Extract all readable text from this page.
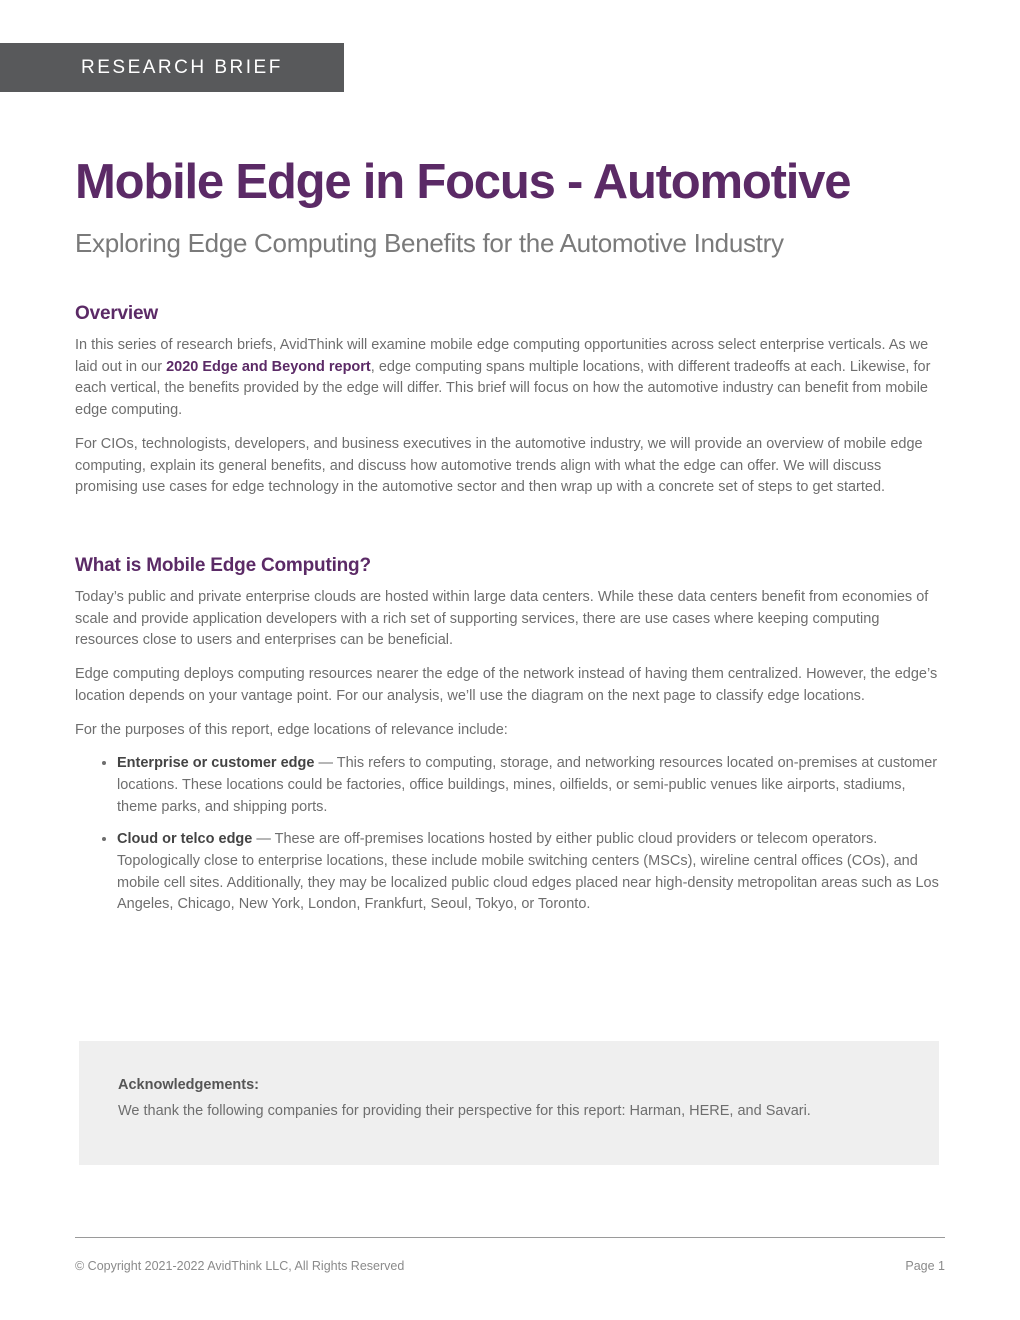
RESEARCH BRIEF
Mobile Edge in Focus - Automotive
Exploring Edge Computing Benefits for the Automotive Industry
Overview

In this series of research briefs, AvidThink will examine mobile edge computing opportunities across select enterprise verticals. As we laid out in our 2020 Edge and Beyond report, edge computing spans multiple locations, with different tradeoffs at each. Likewise, for each vertical, the benefits provided by the edge will differ. This brief will focus on how the automotive industry can benefit from mobile edge computing.

For CIOs, technologists, developers, and business executives in the automotive industry, we will provide an overview of mobile edge computing, explain its general benefits, and discuss how automotive trends align with what the edge can offer. We will discuss promising use cases for edge technology in the automotive sector and then wrap up with a concrete set of steps to get started.

What is Mobile Edge Computing?

Today’s public and private enterprise clouds are hosted within large data centers. While these data centers benefit from economies of scale and provide application developers with a rich set of supporting services, there are use cases where keeping computing resources close to users and enterprises can be beneficial.

Edge computing deploys computing resources nearer the edge of the network instead of having them centralized. However, the edge’s location depends on your vantage point. For our analysis, we’ll use the diagram on the next page to classify edge locations.

For the purposes of this report, edge locations of relevance include:

• Enterprise or customer edge — This refers to computing, storage, and networking resources located on-premises at customer locations. These locations could be factories, office buildings, mines, oilfields, or semi-public venues like airports, stadiums, theme parks, and shipping ports.
• Cloud or telco edge — These are off-premises locations hosted by either public cloud providers or telecom operators. Topologically close to enterprise locations, these include mobile switching centers (MSCs), wireline central offices (COs), and mobile cell sites. Additionally, they may be localized public cloud edges placed near high-density metropolitan areas such as Los Angeles, Chicago, New York, London, Frankfurt, Seoul, Tokyo, or Toronto.

Acknowledgements:

We thank the following companies for providing their perspective for this report: Harman, HERE, and Savari.

© Copyright 2021-2022 AvidThink LLC, All Rights Reserved	Page 1
